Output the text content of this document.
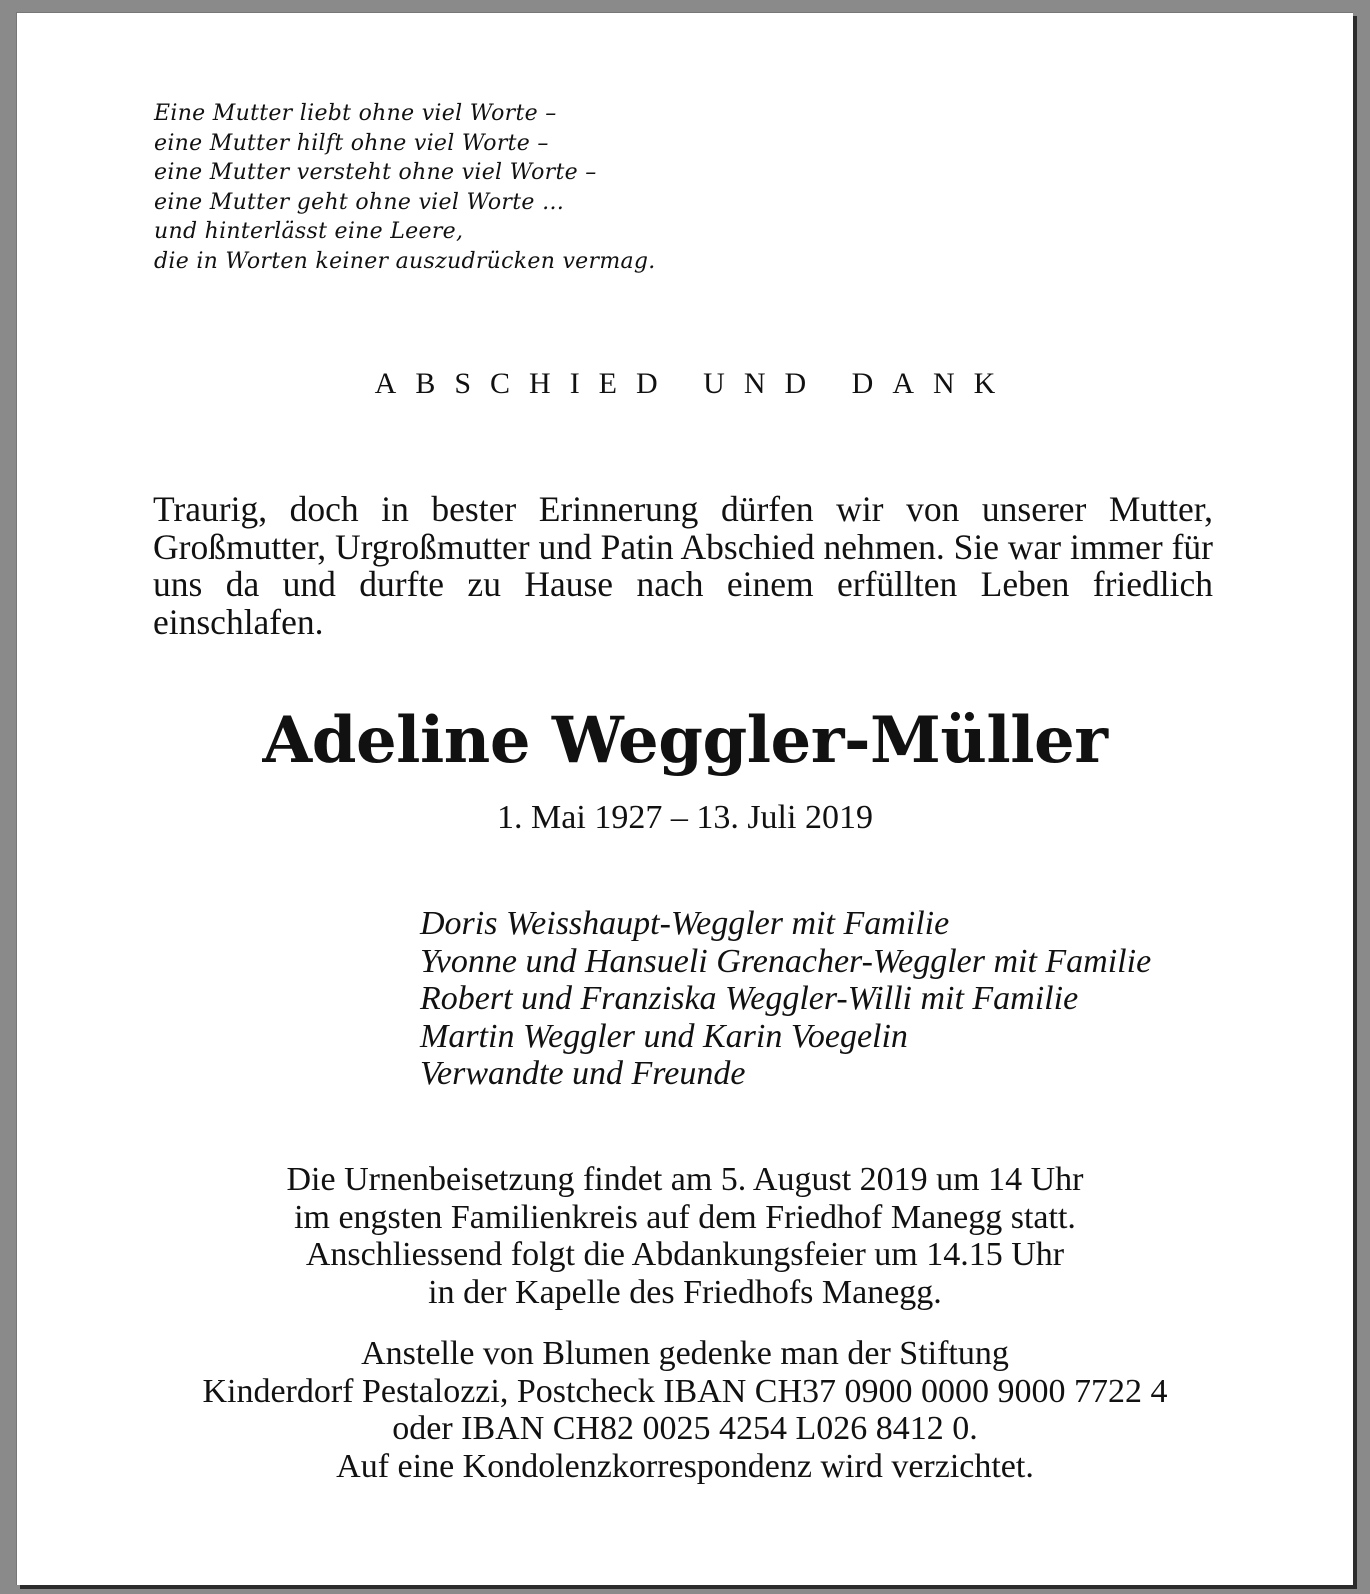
Eine Mutter liebt ohne viel Worte –
eine Mutter hilft ohne viel Worte –
eine Mutter versteht ohne viel Worte –
eine Mutter geht ohne viel Worte …
und hinterlässt eine Leere,
die in Worten keiner auszudrücken vermag.
ABSCHIED UND DANK

Traurig, doch in bester Erinnerung dürfen wir von unserer Mutter, Großmutter, Urgroßmutter und Patin Abschied nehmen. Sie war immer für uns da und durfte zu Hause nach einem erfüllten Leben friedlich einschlafen.

Adeline Weggler-Müller
1. Mai 1927 – 13. Juli 2019
Doris Weisshaupt-Weggler mit Familie
Yvonne und Hansueli Grenacher-Weggler mit Familie
Robert und Franziska Weggler-Willi mit Familie
Martin Weggler und Karin Voegelin
Verwandte und Freunde
Die Urnenbeisetzung findet am 5. August 2019 um 14 Uhr
im engsten Familienkreis auf dem Friedhof Manegg statt.
Anschliessend folgt die Abdankungsfeier um 14.15 Uhr
in der Kapelle des Friedhofs Manegg.
Anstelle von Blumen gedenke man der Stiftung
Kinderdorf Pestalozzi, Postcheck IBAN CH37 0900 0000 9000 7722 4
oder IBAN CH82 0025 4254 L026 8412 0.
Auf eine Kondolenzkorrespondenz wird verzichtet.
